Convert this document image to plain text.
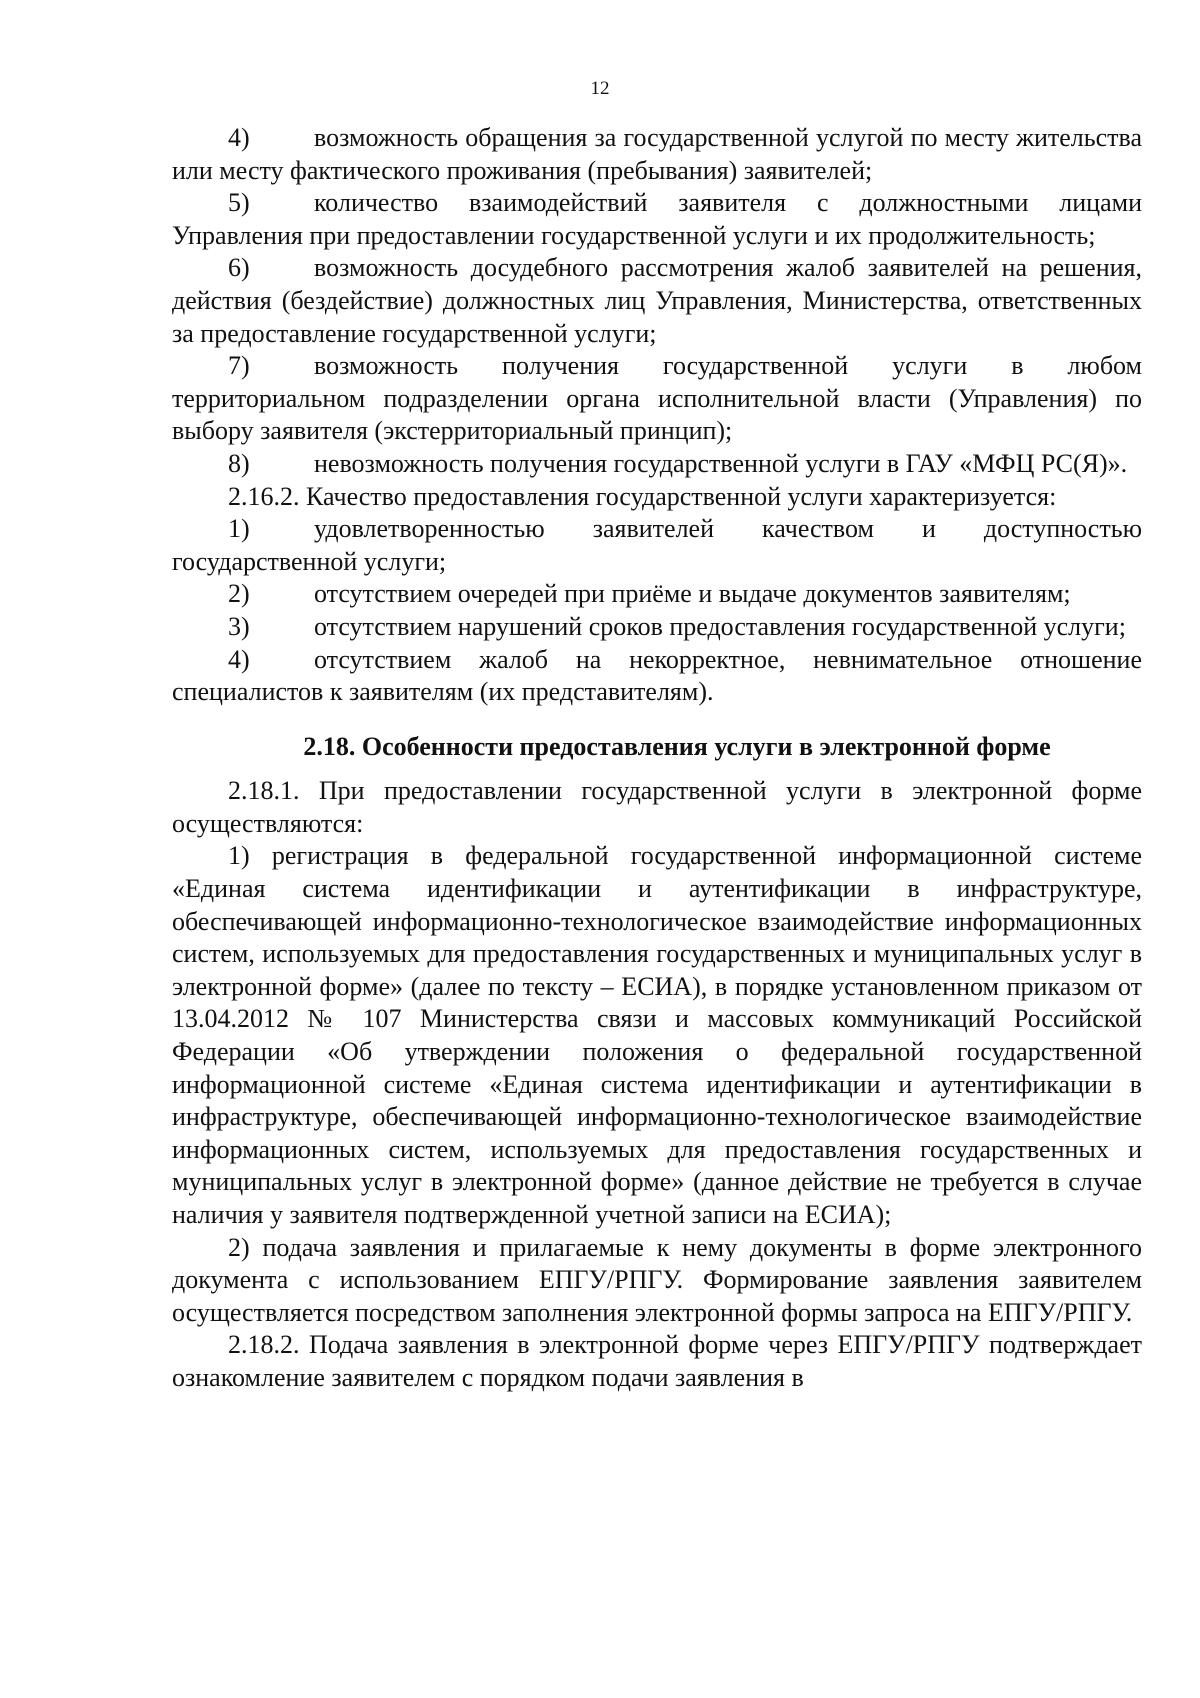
12

4) возможность обращения за государственной услугой по месту жительства или месту фактического проживания (пребывания) заявителей;

5) количество взаимодействий заявителя с должностными лицами Управления при предоставлении государственной услуги и их продолжительность;

6) возможность досудебного рассмотрения жалоб заявителей на решения, действия (бездействие) должностных лиц Управления, Министерства, ответственных за предоставление государственной услуги;

7) возможность получения государственной услуги в любом территориальном подразделении органа исполнительной власти (Управления) по выбору заявителя (экстерриториальный принцип);

8) невозможность получения государственной услуги в ГАУ «МФЦ РС(Я)».

2.16.2. Качество предоставления государственной услуги характеризуется:

1) удовлетворенностью заявителей качеством и доступностью государственной услуги;

2) отсутствием очередей при приёме и выдаче документов заявителям;

3) отсутствием нарушений сроков предоставления государственной услуги;

4) отсутствием жалоб на некорректное, невнимательное отношение специалистов к заявителям (их представителям).

2.18. Особенности предоставления услуги в электронной форме

2.18.1. При предоставлении государственной услуги в электронной форме осуществляются:

1) регистрация в федеральной государственной информационной системе «Единая система идентификации и аутентификации в инфраструктуре, обеспечивающей информационно-технологическое взаимодействие информационных систем, используемых для предоставления государственных и муниципальных услуг в электронной форме» (далее по тексту – ЕСИА), в порядке установленном приказом от 13.04.2012 № 107 Министерства связи и массовых коммуникаций Российской Федерации «Об утверждении положения о федеральной государственной информационной системе «Единая система идентификации и аутентификации в инфраструктуре, обеспечивающей информационно-технологическое взаимодействие информационных систем, используемых для предоставления государственных и муниципальных услуг в электронной форме» (данное действие не требуется в случае наличия у заявителя подтвержденной учетной записи на ЕСИА);

2) подача заявления и прилагаемые к нему документы в форме электронного документа с использованием ЕПГУ/РПГУ. Формирование заявления заявителем осуществляется посредством заполнения электронной формы запроса на ЕПГУ/РПГУ.

2.18.2. Подача заявления в электронной форме через ЕПГУ/РПГУ подтверждает ознакомление заявителем с порядком подачи заявления в
